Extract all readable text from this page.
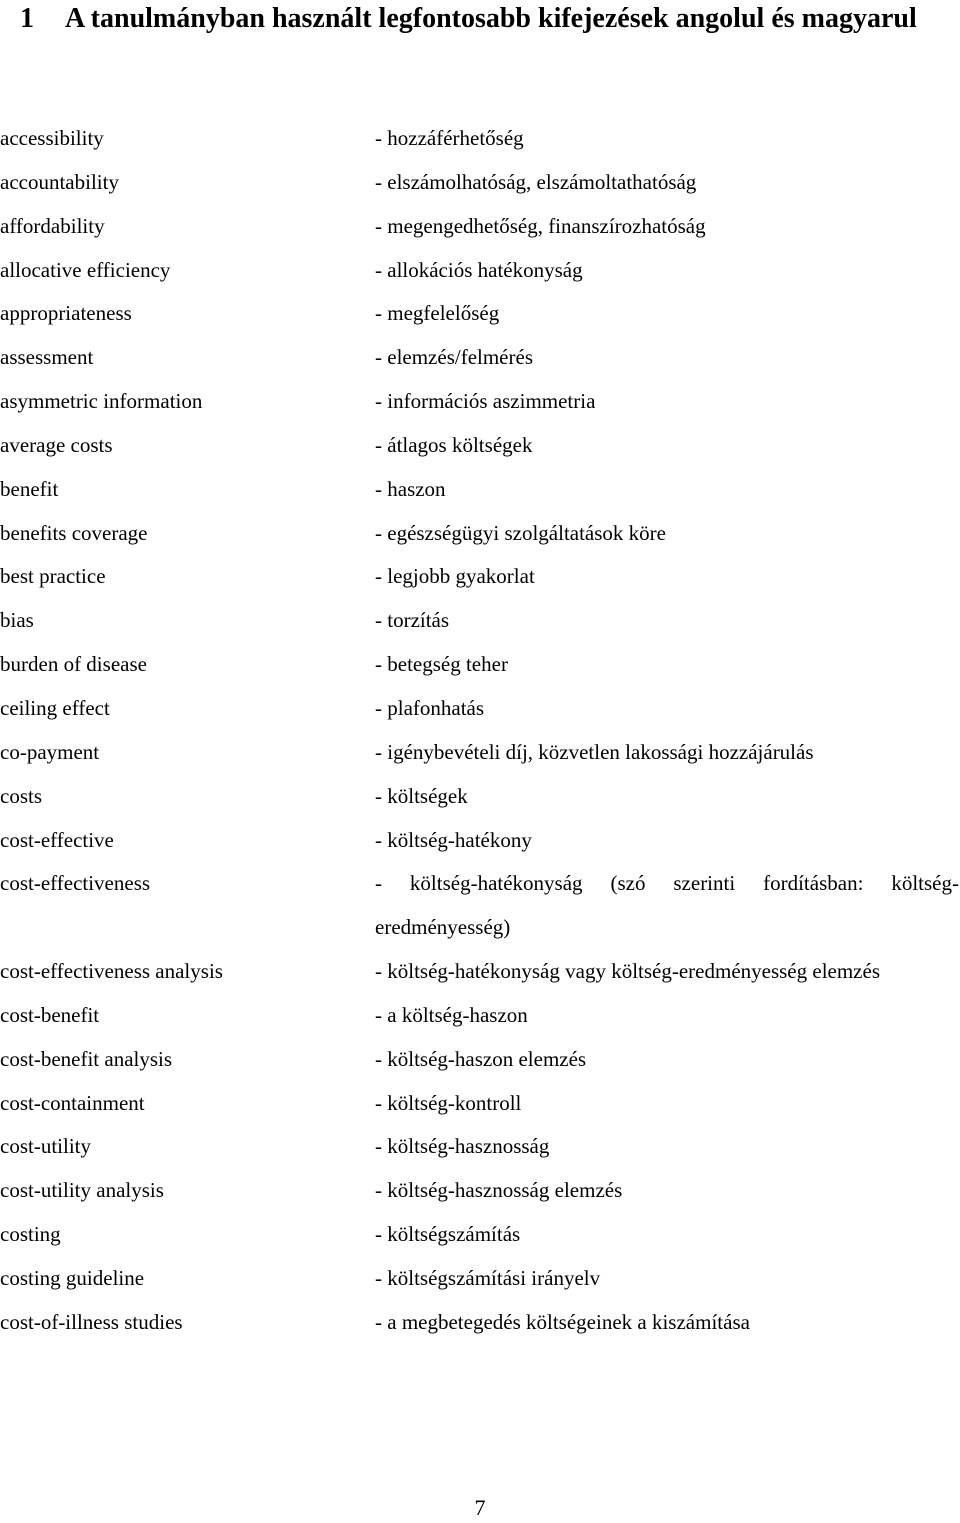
1 A tanulmányban használt legfontosabb kifejezések angolul és magyarul
accessibility	- hozzáférhetőség
accountability	- elszámolhatóság, elszámoltathatóság
affordability	- megengedhetőség, finanszírozhatóság
allocative efficiency	- allokációs hatékonyság
appropriateness	- megfelelőség
assessment	- elemzés/felmérés
asymmetric information	- információs aszimmetria
average costs	- átlagos költségek
benefit	- haszon
benefits coverage	- egészségügyi szolgáltatások köre
best practice	- legjobb gyakorlat
bias	- torzítás
burden of disease	- betegség teher
ceiling effect	- plafonhatás
co-payment	- igénybevételi díj, közvetlen lakossági hozzájárulás
costs	- költségek
cost-effective	- költség-hatékony
cost-effectiveness	- költség-hatékonyság (szó szerinti fordításban: költség-eredményesség)
cost-effectiveness analysis	- költség-hatékonyság vagy költség-eredményesség elemzés
cost-benefit	- a költség-haszon
cost-benefit analysis	- költség-haszon elemzés
cost-containment	- költség-kontroll
cost-utility	- költség-hasznosság
cost-utility analysis	- költség-hasznosság elemzés
costing	- költségszámítás
costing guideline	- költségszámítási irányelv
cost-of-illness studies	- a megbetegedés költségeinek a kiszámítása
7
